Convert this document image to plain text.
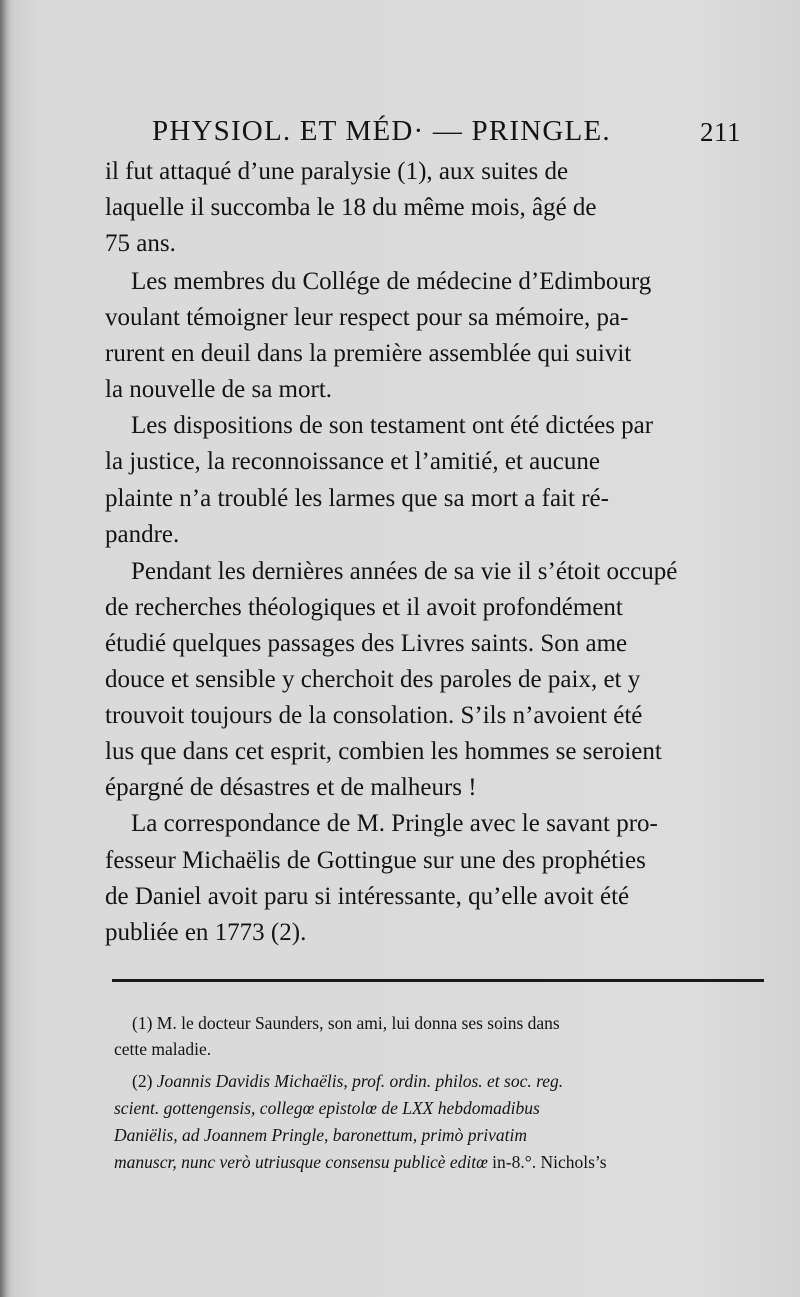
PHYSIOL. ET MÉD· — PRINGLE.	211
il fut attaqué d’une paralysie (1), aux suites de
laquelle il succomba le 18 du même mois, âgé de
75 ans.
Les membres du Collége de médecine d’Edimbourg
voulant témoigner leur respect pour sa mémoire, pa-
rurent en deuil dans la première assemblée qui suivit
la nouvelle de sa mort.
Les dispositions de son testament ont été dictées par
la justice, la reconnoissance et l’amitié, et aucune
plainte n’a troublé les larmes que sa mort a fait ré-
pandre.
Pendant les dernières années de sa vie il s’étoit occupé
de recherches théologiques et il avoit profondément
étudié quelques passages des Livres saints. Son ame
douce et sensible y cherchoit des paroles de paix, et y
trouvoit toujours de la consolation. S’ils n’avoient été
lus que dans cet esprit, combien les hommes se seroient
épargné de désastres et de malheurs !
La correspondance de M. Pringle avec le savant pro-
fesseur Michaëlis de Gottingue sur une des prophéties
de Daniel avoit paru si intéressante, qu’elle avoit été
publiée en 1773 (2).
(1) M. le docteur Saunders, son ami, lui donna ses soins dans
cette maladie.
(2) Joannis Davidis Michaëlis, prof. ordin. philos. et soc. reg.
scient. gottengensis, collegœ epistolœ de LXX hebdomadibus
Daniëlis, ad Joannem Pringle, baronettum, primò privatim
manuscr, nunc verò utriusque consensu publicè editœ in-8.°. Nichols’s
